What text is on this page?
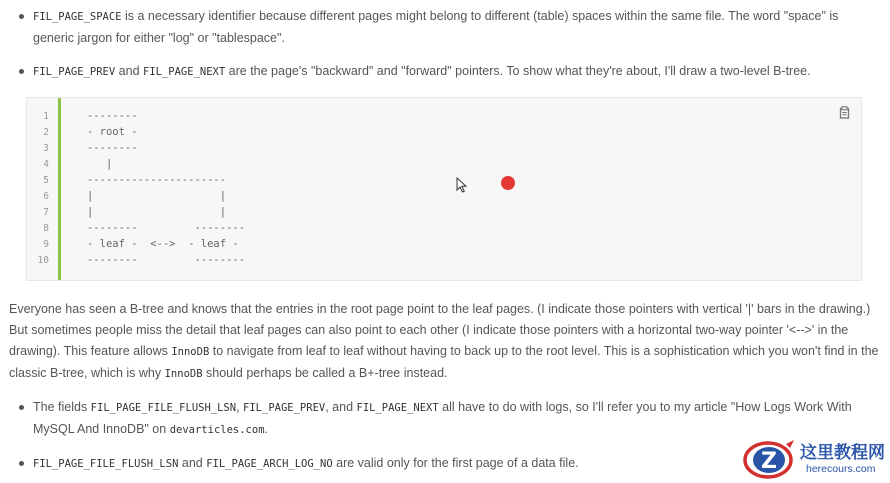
FIL_PAGE_SPACE is a necessary identifier because different pages might belong to different (table) spaces within the same file. The word "space" is generic jargon for either "log" or "tablespace".
FIL_PAGE_PREV and FIL_PAGE_NEXT are the page's "backward" and "forward" pointers. To show what they're about, I'll draw a two-level B-tree.
1
2
3
4
5
6
7
8
9
10
--------
- root -
--------
|
----------------------
|                    |
|                    |
--------         --------
- leaf -  <-->  - leaf -
--------         --------

Everyone has seen a B-tree and knows that the entries in the root page point to the leaf pages. (I indicate those pointers with vertical '|' bars in the drawing.) But sometimes people miss the detail that leaf pages can also point to each other (I indicate those pointers with a horizontal two-way pointer '<-->' in the drawing). This feature allows InnoDB to navigate from leaf to leaf without having to back up to the root level. This is a sophistication which you won't find in the classic B-tree, which is why InnoDB should perhaps be called a B+-tree instead.

The fields FIL_PAGE_FILE_FLUSH_LSN, FIL_PAGE_PREV, and FIL_PAGE_NEXT all have to do with logs, so I'll refer you to my article "How Logs Work With MySQL And InnoDB" on devarticles.com.
FIL_PAGE_FILE_FLUSH_LSN and FIL_PAGE_ARCH_LOG_NO are valid only for the first page of a data file.	Z 这里教程网
herecours.com
